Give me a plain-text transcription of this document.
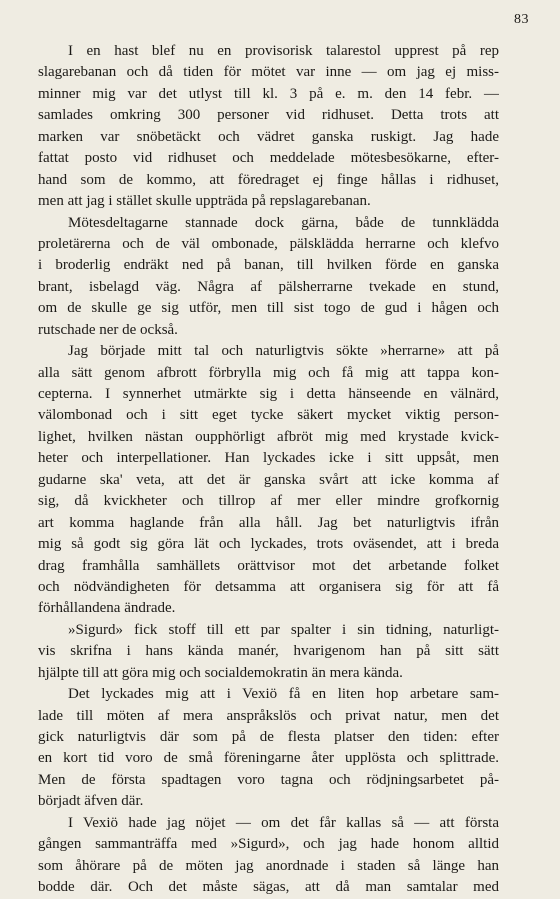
83
I en hast blef nu en provisorisk talarestol upprest på rep
slagarebanan och då tiden för mötet var inne — om jag ej miss-
minner mig var det utlyst till kl. 3 på e. m. den 14 febr. —
samlades omkring 300 personer vid ridhuset. Detta trots att
marken var snöbetäckt och vädret ganska ruskigt. Jag hade
fattat posto vid ridhuset och meddelade mötesbesökarne, efter-
hand som de kommo, att föredraget ej finge hållas i ridhuset,
men att jag i stället skulle uppträda på repslagarebanan.
Mötesdeltagarne stannade dock gärna, både de tunnklädda
proletärerna och de väl ombonade, pälsklädda herrarne och klefvo
i broderlig endräkt ned på banan, till hvilken förde en ganska
brant, isbelagd väg. Några af pälsherrarne tvekade en stund,
om de skulle ge sig utför, men till sist togo de gud i hågen och
rutschade ner de också.
Jag började mitt tal och naturligtvis sökte »herrarne» att på
alla sätt genom afbrott förbrylla mig och få mig att tappa kon-
cepterna. I synnerhet utmärkte sig i detta hänseende en välnärd,
välombonad och i sitt eget tycke säkert mycket viktig person-
lighet, hvilken nästan oupphörligt afbröt mig med krystade kvick-
heter och interpellationer. Han lyckades icke i sitt uppsåt, men
gudarne ska' veta, att det är ganska svårt att icke komma af
sig, då kvickheter och tillrop af mer eller mindre grofkornig
art komma haglande från alla håll. Jag bet naturligtvis ifrån
mig så godt sig göra lät och lyckades, trots oväsendet, att i breda
drag framhålla samhällets orättvisor mot det arbetande folket
och nödvändigheten för detsamma att organisera sig för att få
förhållandena ändrade.
»Sigurd» fick stoff till ett par spalter i sin tidning, naturligt-
vis skrifna i hans kända manér, hvarigenom han på sitt sätt
hjälpte till att göra mig och socialdemokratin än mera kända.
Det lyckades mig att i Vexiö få en liten hop arbetare sam-
lade till möten af mera anspråkslös och privat natur, men det
gick naturligtvis där som på de flesta platser den tiden: efter
en kort tid voro de små föreningarne åter upplösta och splittrade.
Men de första spadtagen voro tagna och rödjningsarbetet på-
börjadt äfven där.
I Vexiö hade jag nöjet — om det får kallas så — att första
gången sammanträffa med »Sigurd», och jag hade honom alltid
som åhörare på de möten jag anordnade i staden så länge han
bodde där. Och det måste sägas, att då man samtalar med
